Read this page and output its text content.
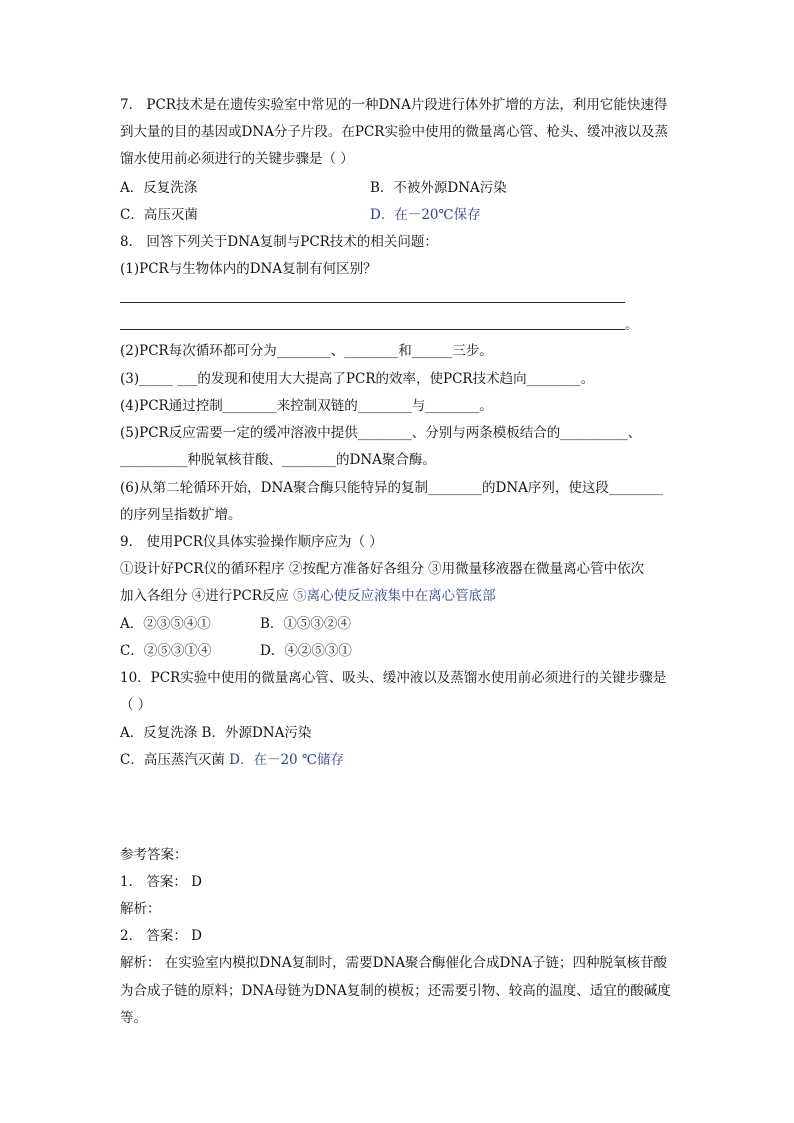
7． PCR技术是在遗传实验室中常见的一种DNA片段进行体外扩增的方法，利用它能快速得
到大量的目的基因或DNA分子片段。在PCR实验中使用的微量离心管、枪头、缓冲液以及蒸
馏水使用前必须进行的关键步骤是（ ）
A．反复洗涤	B．不被外源DNA污染
C．高压灭菌	D．在－20℃保存
8． 回答下列关于DNA复制与PCR技术的相关问题：
(1)PCR与生物体内的DNA复制有何区别？
。
(2)PCR每次循环都可分为________、________和______三步。
(3)_____ ___的发现和使用大大提高了PCR的效率，使PCR技术趋向________。
(4)PCR通过控制________来控制双链的________与________。
(5)PCR反应需要一定的缓冲溶液中提供________、分别与两条模板结合的__________、
__________种脱氧核苷酸、________的DNA聚合酶。
(6)从第二轮循环开始，DNA聚合酶只能特异的复制________的DNA序列，使这段________
的序列呈指数扩增。
9． 使用PCR仪具体实验操作顺序应为（ ）
①设计好PCR仪的循环程序 ②按配方准备好各组分 ③用微量移液器在微量离心管中依次
加入各组分 ④进行PCR反应 ⑤离心使反应液集中在离心管底部
A．②③⑤④①	B．①⑤③②④
C．②⑤③①④	D．④②⑤③①
10．PCR实验中使用的微量离心管、吸头、缓冲液以及蒸馏水使用前必须进行的关键步骤是
（ ）
A．反复洗涤 B．外源DNA污染
C．高压蒸汽灭菌 D．在－20 ℃储存
参考答案：
1． 答案： D
解析：
2． 答案： D
解析： 在实验室内模拟DNA复制时，需要DNA聚合酶催化合成DNA子链；四种脱氧核苷酸
为合成子链的原料；DNA母链为DNA复制的模板；还需要引物、较高的温度、适宜的酸碱度
等。
